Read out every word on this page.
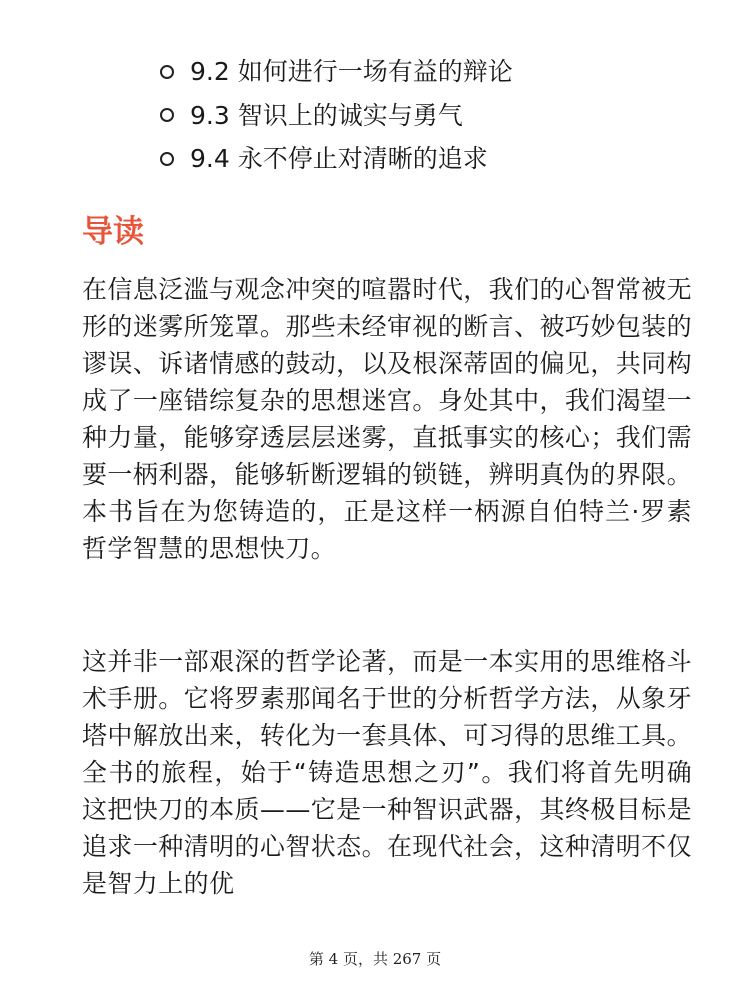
9.2 如何进行一场有益的辩论
9.3 智识上的诚实与勇气
9.4 永不停止对清晰的追求
导读

在信息泛滥与观念冲突的喧嚣时代，我们的心智常被无形的迷雾所笼罩。那些未经审视的断言、被巧妙包装的谬误、诉诸情感的鼓动，以及根深蒂固的偏见，共同构成了一座错综复杂的思想迷宫。身处其中，我们渴望一种力量，能够穿透层层迷雾，直抵事实的核心；我们需要一柄利器，能够斩断逻辑的锁链，辨明真伪的界限。本书旨在为您铸造的，正是这样一柄源自伯特兰·罗素哲学智慧的思想快刀。

这并非一部艰深的哲学论著，而是一本实用的思维格斗术手册。它将罗素那闻名于世的分析哲学方法，从象牙塔中解放出来，转化为一套具体、可习得的思维工具。全书的旅程，始于“铸造思想之刃”。我们将首先明确这把快刀的本质——它是一种智识武器，其终极目标是追求一种清明的心智状态。在现代社会，这种清明不仅是智力上的优

第 4 页，共 267 页
